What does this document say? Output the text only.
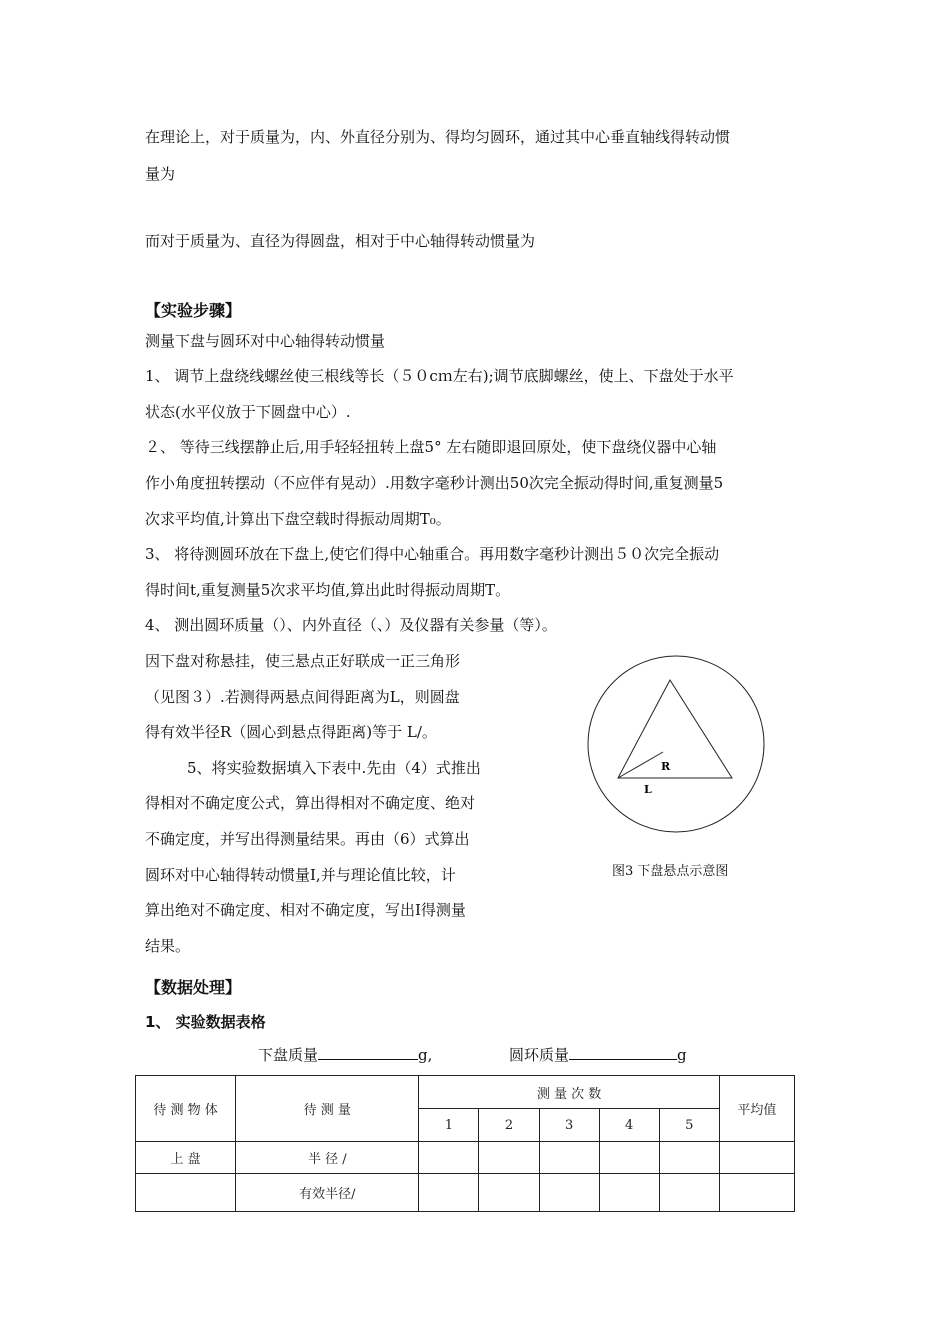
在理论上，对于质量为，内、外直径分别为、得均匀圆环，通过其中心垂直轴线得转动惯
量为
而对于质量为、直径为得圆盘，相对于中心轴得转动惯量为
【实验步骤】
测量下盘与圆环对中心轴得转动惯量
1、 调节上盘绕线螺丝使三根线等长（５０cｍ左右);调节底脚螺丝，使上、下盘处于水平
状态(水平仪放于下圆盘中心）.
２、 等待三线摆静止后,用手轻轻扭转上盘5° 左右随即退回原处，使下盘绕仪器中心轴
作小角度扭转摆动（不应伴有晃动）.用数字毫秒计测出50次完全振动得时间,重复测量5
次求平均值,计算出下盘空载时得振动周期T₀。
3、 将待测圆环放在下盘上,使它们得中心轴重合。再用数字毫秒计测出５０次完全振动
得时间t,重复测量5次求平均值,算出此时得振动周期T。
4、 测出圆环质量（）、内外直径（、）及仪器有关参量（等）。
因下盘对称悬挂，使三悬点正好联成一正三角形
（见图３）.若测得两悬点间得距离为L，则圆盘
得有效半径R（圆心到悬点得距离)等于 L/。
5、将实验数据填入下表中.先由（4）式推出
得相对不确定度公式，算出得相对不确定度、绝对
不确定度，并写出得测量结果。再由（6）式算出
圆环对中心轴得转动惯量I,并与理论值比较，计
算出绝对不确定度、相对不确定度，写出I得测量
结果。
R
L
图3 下盘悬点示意图
【数据处理】
1、 实验数据表格
下盘质量	g,	圆环质量	g
待 测 物 体	待 测 量	测 量 次 数					平均值
		1	2	3	4	5	
上 盘	半 径 /						
	有效半径/						
